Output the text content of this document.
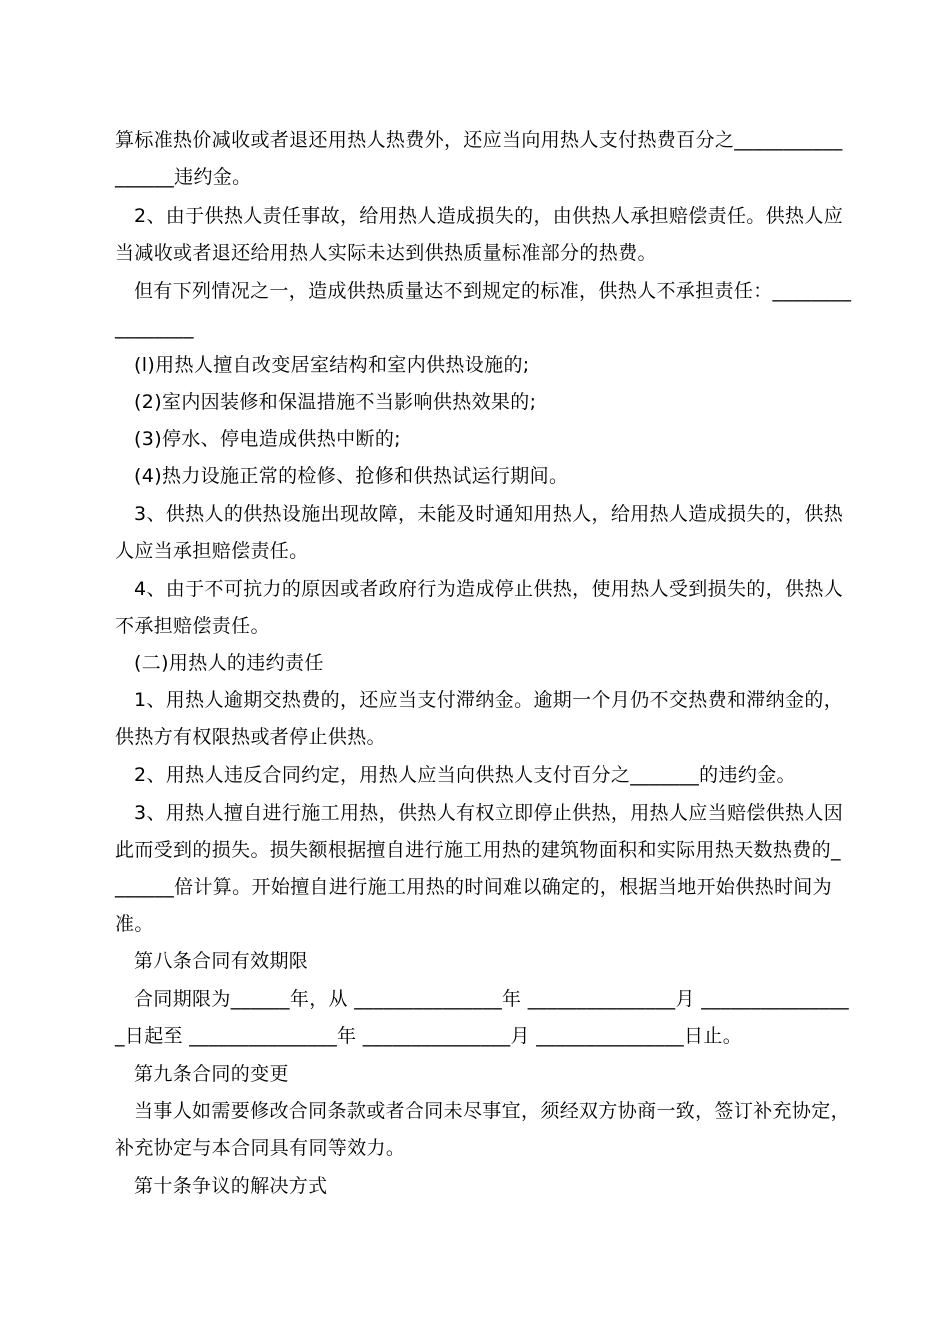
算标准热价减收或者退还用热人热费外，还应当向用热人支付热费百分之___________
______违约金。
2、由于供热人责任事故，给用热人造成损失的，由供热人承担赔偿责任。供热人应
当减收或者退还给用热人实际未达到供热质量标准部分的热费。
但有下列情况之一，造成供热质量达不到规定的标准，供热人不承担责任：________
________
(l)用热人擅自改变居室结构和室内供热设施的;
(2)室内因装修和保温措施不当影响供热效果的;
(3)停水、停电造成供热中断的;
(4)热力设施正常的检修、抢修和供热试运行期间。
3、供热人的供热设施出现故障，未能及时通知用热人，给用热人造成损失的，供热
人应当承担赔偿责任。
4、由于不可抗力的原因或者政府行为造成停止供热，使用热人受到损失的，供热人
不承担赔偿责任。
(二)用热人的违约责任
1、用热人逾期交热费的，还应当支付滞纳金。逾期一个月仍不交热费和滞纳金的，
供热方有权限热或者停止供热。
2、用热人违反合同约定，用热人应当向供热人支付百分之_______的违约金。
3、用热人擅自进行施工用热，供热人有权立即停止供热，用热人应当赔偿供热人因
此而受到的损失。损失额根据擅自进行施工用热的建筑物面积和实际用热天数热费的_
______倍计算。开始擅自进行施工用热的时间难以确定的，根据当地开始供热时间为
准。
第八条合同有效期限
合同期限为______年，从 _______________年 _______________月 _______________
_日起至 _______________年 _______________月 _______________日止。
第九条合同的变更
当事人如需要修改合同条款或者合同未尽事宜，须经双方协商一致，签订补充协定，
补充协定与本合同具有同等效力。
第十条争议的解决方式
